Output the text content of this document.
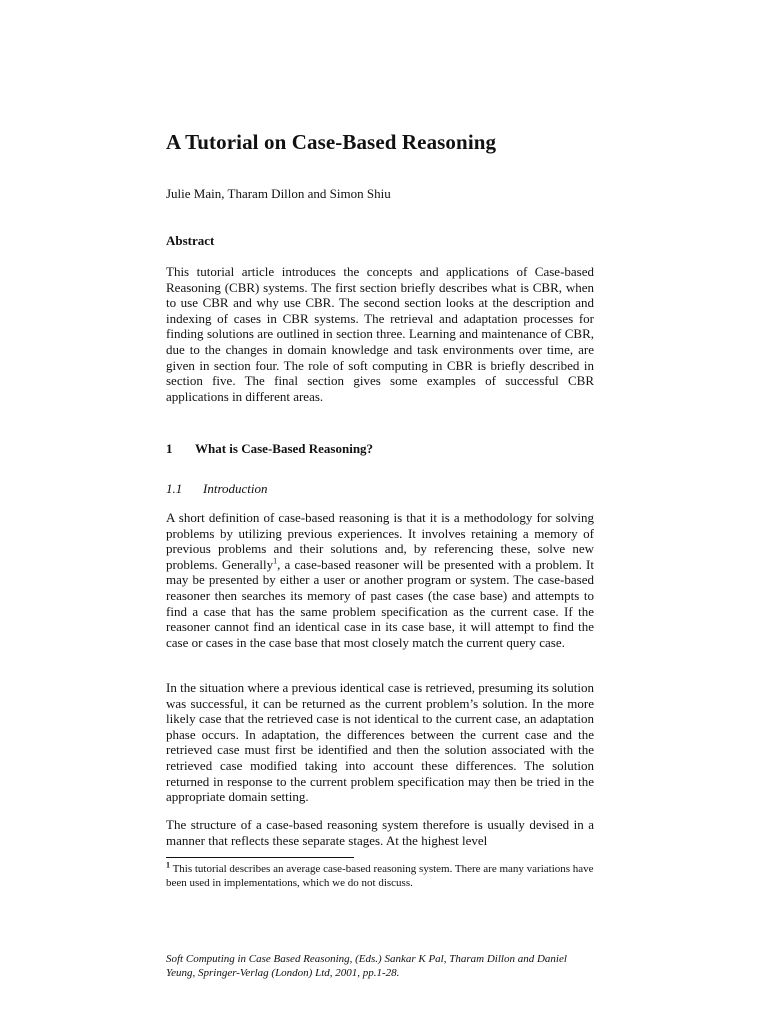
A Tutorial on Case-Based Reasoning
Julie Main, Tharam Dillon and Simon Shiu
Abstract

This tutorial article introduces the concepts and applications of Case-based Reasoning (CBR) systems. The first section briefly describes what is CBR, when to use CBR and why use CBR. The second section looks at the description and indexing of cases in CBR systems. The retrieval and adaptation processes for finding solutions are outlined in section three. Learning and maintenance of CBR, due to the changes in domain knowledge and task environments over time, are given in section four. The role of soft computing in CBR is briefly described in section five. The final section gives some examples of successful CBR applications in different areas.

1 What is Case-Based Reasoning?
1.1 Introduction

A short definition of case-based reasoning is that it is a methodology for solving problems by utilizing previous experiences. It involves retaining a memory of previous problems and their solutions and, by referencing these, solve new problems. Generally$^1$, a case-based reasoner will be presented with a problem. It may be presented by either a user or another program or system. The case-based reasoner then searches its memory of past cases (the case base) and attempts to find a case that has the same problem specification as the current case. If the reasoner cannot find an identical case in its case base, it will attempt to find the case or cases in the case base that most closely match the current query case.

In the situation where a previous identical case is retrieved, presuming its solution was successful, it can be returned as the current problem’s solution. In the more likely case that the retrieved case is not identical to the current case, an adaptation phase occurs. In adaptation, the differences between the current case and the retrieved case must first be identified and then the solution associated with the retrieved case modified taking into account these differences. The solution returned in response to the current problem specification may then be tried in the appropriate domain setting.

The structure of a case-based reasoning system therefore is usually devised in a manner that reflects these separate stages. At the highest level

$^1$ This tutorial describes an average case-based reasoning system. There are many variations have been used in implementations, which we do not discuss.

Soft Computing in Case Based Reasoning, (Eds.) Sankar K Pal, Tharam Dillon and Daniel Yeung, Springer-Verlag (London) Ltd, 2001, pp.1-28.
